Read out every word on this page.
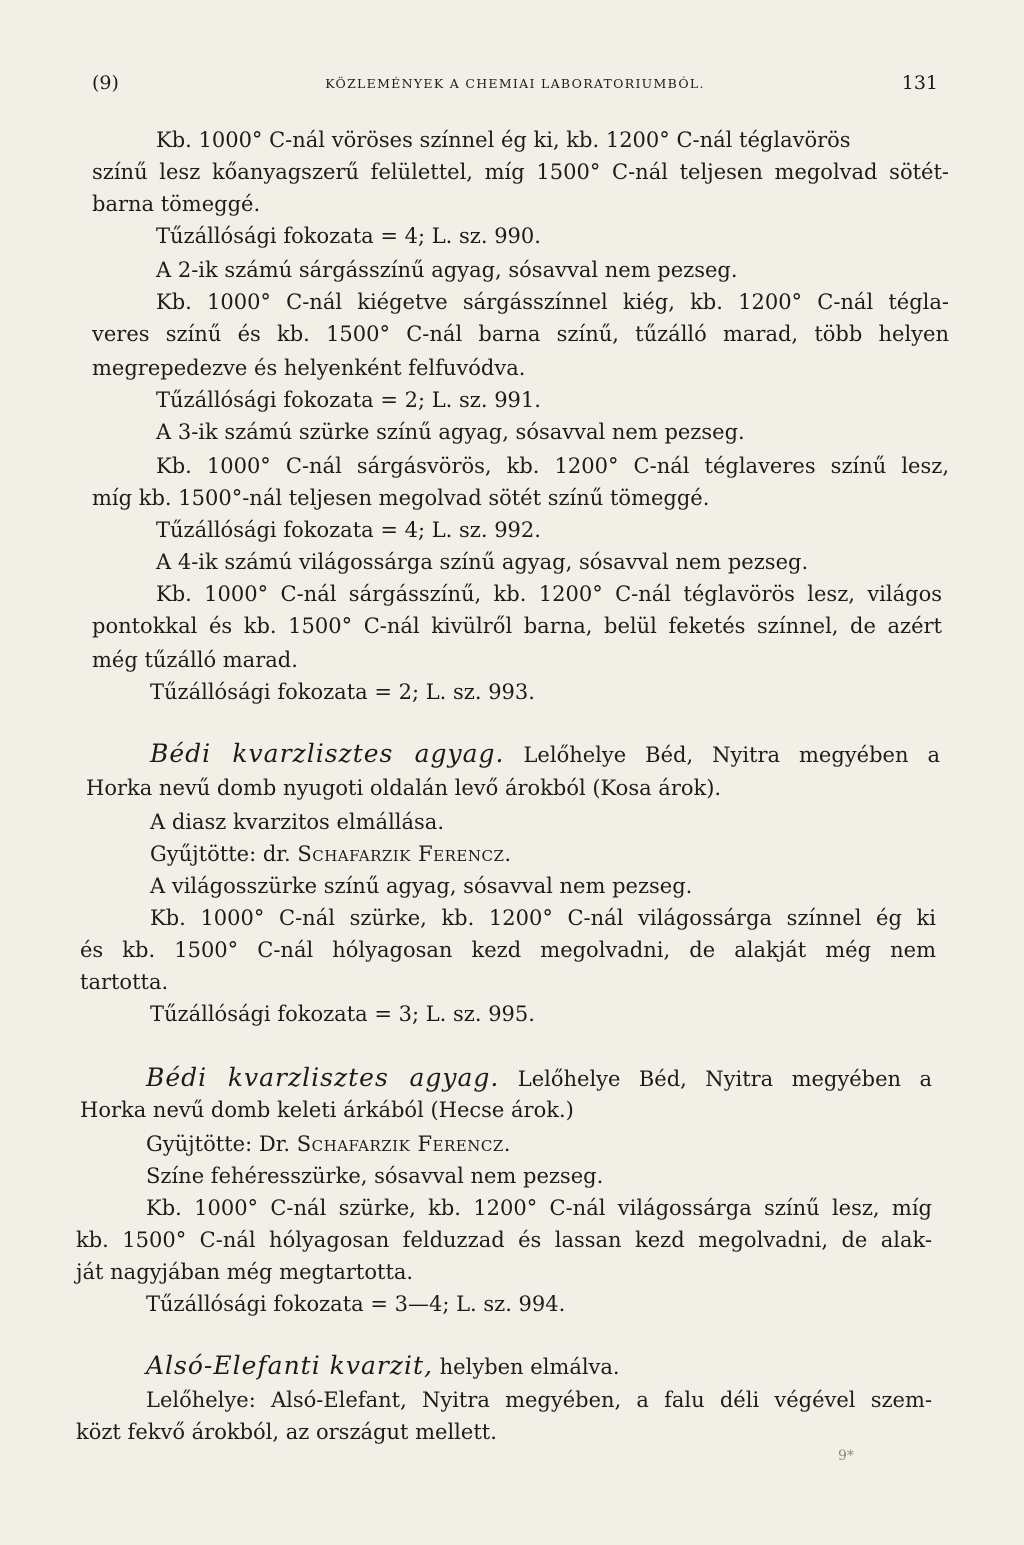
(9)	KÖZLEMÉNYEK A CHEMIAI LABORATORIUMBÓL.	131
Kb. 1000° C-nál vöröses színnel ég ki, kb. 1200° C-nál téglavörös
színű lesz kőanyagszerű felülettel, míg 1500° C-nál teljesen megolvad sötét-
barna tömeggé.
Tűzállósági fokozata = 4; L. sz. 990.
A 2-ik számú sárgásszínű agyag, sósavval nem pezseg.
Kb. 1000° C-nál kiégetve sárgásszínnel kiég, kb. 1200° C-nál tégla-
veres színű és kb. 1500° C-nál barna színű, tűzálló marad, több helyen
megrepedezve és helyenként felfuvódva.
Tűzállósági fokozata = 2; L. sz. 991.
A 3-ik számú szürke színű agyag, sósavval nem pezseg.
Kb. 1000° C-nál sárgásvörös, kb. 1200° C-nál téglaveres színű lesz,
míg kb. 1500°-nál teljesen megolvad sötét színű tömeggé.
Tűzállósági fokozata = 4; L. sz. 992.
A 4-ik számú világossárga színű agyag, sósavval nem pezseg.
Kb. 1000° C-nál sárgásszínű, kb. 1200° C-nál téglavörös lesz, világos
pontokkal és kb. 1500° C-nál kivülről barna, belül feketés színnel, de azért
még tűzálló marad.
Tűzállósági fokozata = 2; L. sz. 993.
Bédi kvarzlisztes agyag. Lelőhelye Béd, Nyitra megyében a
Horka nevű domb nyugoti oldalán levő árokból (Kosa árok).
A diasz kvarzitos elmállása.
Gyűjtötte: dr. Schafarzik Ferencz.
A világosszürke színű agyag, sósavval nem pezseg.
Kb. 1000° C-nál szürke, kb. 1200° C-nál világossárga színnel ég ki
és kb. 1500° C-nál hólyagosan kezd megolvadni, de alakját még nem
tartotta.
Tűzállósági fokozata = 3; L. sz. 995.
Bédi kvarzlisztes agyag. Lelőhelye Béd, Nyitra megyében a
Horka nevű domb keleti árkából (Hecse árok.)
Gyüjtötte: Dr. Schafarzik Ferencz.
Színe fehéresszürke, sósavval nem pezseg.
Kb. 1000° C-nál szürke, kb. 1200° C-nál világossárga színű lesz, míg
kb. 1500° C-nál hólyagosan felduzzad és lassan kezd megolvadni, de alak-
ját nagyjában még megtartotta.
Tűzállósági fokozata = 3—4; L. sz. 994.
Alsó-Elefanti kvarzit, helyben elmálva.
Lelőhelye: Alsó-Elefant, Nyitra megyében, a falu déli végével szem-
közt fekvő árokból, az országut mellett.
9*
